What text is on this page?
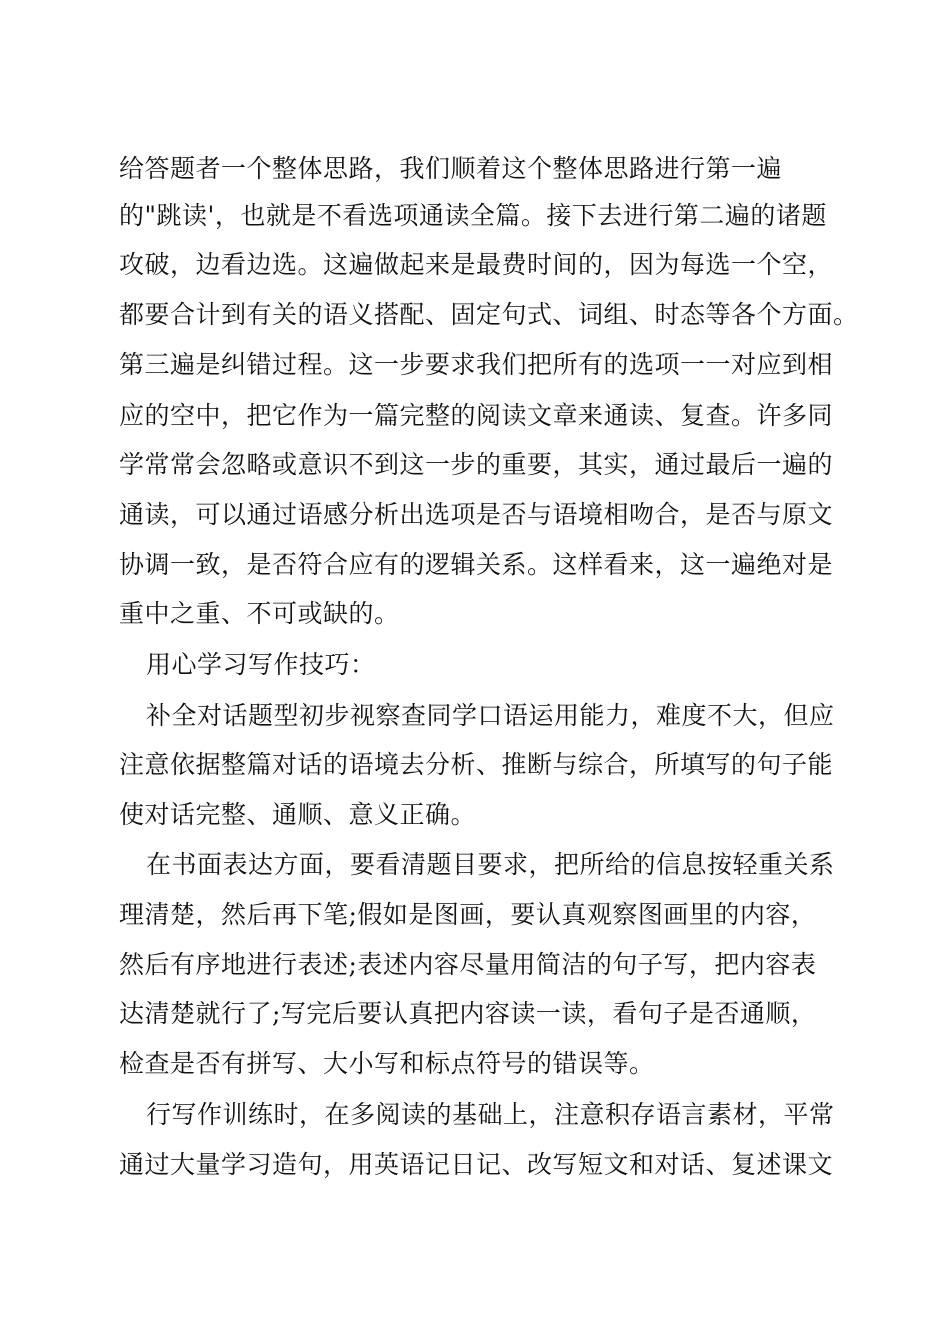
给答题者一个整体思路，我们顺着这个整体思路进行第一遍
的"跳读'，也就是不看选项通读全篇。接下去进行第二遍的诸题
攻破，边看边选。这遍做起来是最费时间的，因为每选一个空，
都要合计到有关的语义搭配、固定句式、词组、时态等各个方面。
第三遍是纠错过程。这一步要求我们把所有的选项一一对应到相
应的空中，把它作为一篇完整的阅读文章来通读、复查。许多同
学常常会忽略或意识不到这一步的重要，其实，通过最后一遍的
通读，可以通过语感分析出选项是否与语境相吻合，是否与原文
协调一致，是否符合应有的逻辑关系。这样看来，这一遍绝对是
重中之重、不可或缺的。
用心学习写作技巧：
补全对话题型初步视察查同学口语运用能力，难度不大，但应
注意依据整篇对话的语境去分析、推断与综合，所填写的句子能
使对话完整、通顺、意义正确。
在书面表达方面，要看清题目要求，把所给的信息按轻重关系
理清楚，然后再下笔;假如是图画，要认真观察图画里的内容，
然后有序地进行表述;表述内容尽量用简洁的句子写，把内容表
达清楚就行了;写完后要认真把内容读一读，看句子是否通顺，
检查是否有拼写、大小写和标点符号的错误等。
行写作训练时，在多阅读的基础上，注意积存语言素材，平常
通过大量学习造句，用英语记日记、改写短文和对话、复述课文
